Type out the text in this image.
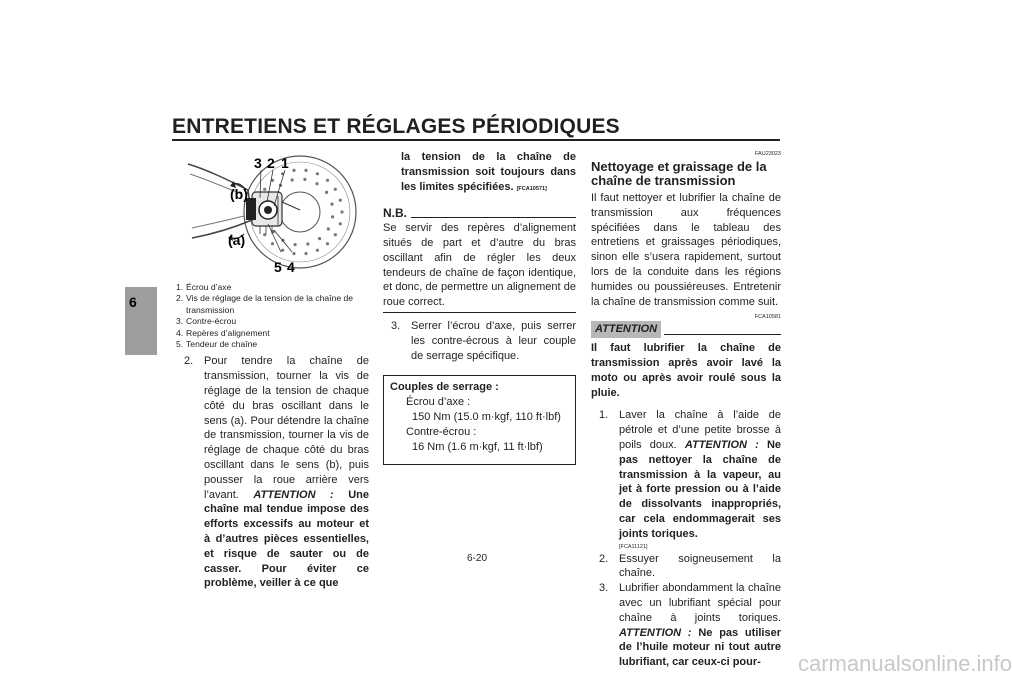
ENTRETIENS ET RÉGLAGES PÉRIODIQUES
6
3 2 1
(b)
(a)
5 4
1. Écrou d’axe
2. Vis de réglage de la tension de la chaîne de transmission
3. Contre-écrou
4. Repères d’alignement
5. Tendeur de chaîne
2. Pour tendre la chaîne de transmission, tourner la vis de réglage de la tension de chaque côté du bras oscillant dans le sens (a). Pour détendre la chaîne de transmission, tourner la vis de réglage de chaque côté du bras oscillant dans le sens (b), puis pousser la roue arrière vers l’avant. ATTENTION : Une chaîne mal tendue impose des efforts excessifs au moteur et à d’autres pièces essentielles, et risque de sauter ou de casser. Pour éviter ce problème, veiller à ce que
la tension de la chaîne de transmission soit toujours dans les limites spécifiées. [FCA10571]
N.B.
Se servir des repères d’alignement situés de part et d’autre du bras oscillant afin de régler les deux tendeurs de chaîne de façon identique, et donc, de permettre un alignement de roue correct.
3. Serrer l’écrou d’axe, puis serrer les contre-écrous à leur couple de serrage spécifique.
Couples de serrage :
Écrou d’axe :
150 Nm (15.0 m·kgf, 110 ft·lbf)
Contre-écrou :
16 Nm (1.6 m·kgf, 11 ft·lbf)
FAU23023
Nettoyage et graissage de la chaîne de transmission
Il faut nettoyer et lubrifier la chaîne de transmission aux fréquences spécifiées dans le tableau des entretiens et graissages périodiques, sinon elle s’usera rapidement, surtout lors de la conduite dans les régions humides ou poussiéreuses. Entretenir la chaîne de transmission comme suit.
FCA10581
ATTENTION
Il faut lubrifier la chaîne de transmission après avoir lavé la moto ou après avoir roulé sous la pluie.
1. Laver la chaîne à l’aide de pétrole et d’une petite brosse à poils doux. ATTENTION : Ne pas nettoyer la chaîne de transmission à la vapeur, au jet à forte pression ou à l’aide de dissolvants inappropriés, car cela endommagerait ses joints toriques.
[FCA11121]
2. Essuyer soigneusement la chaîne.
3. Lubrifier abondamment la chaîne avec un lubrifiant spécial pour chaîne à joints toriques. ATTENTION : Ne pas utiliser de l’huile moteur ni tout autre lubrifiant, car ceux-ci pour-
6-20
carmanualsonline.info
